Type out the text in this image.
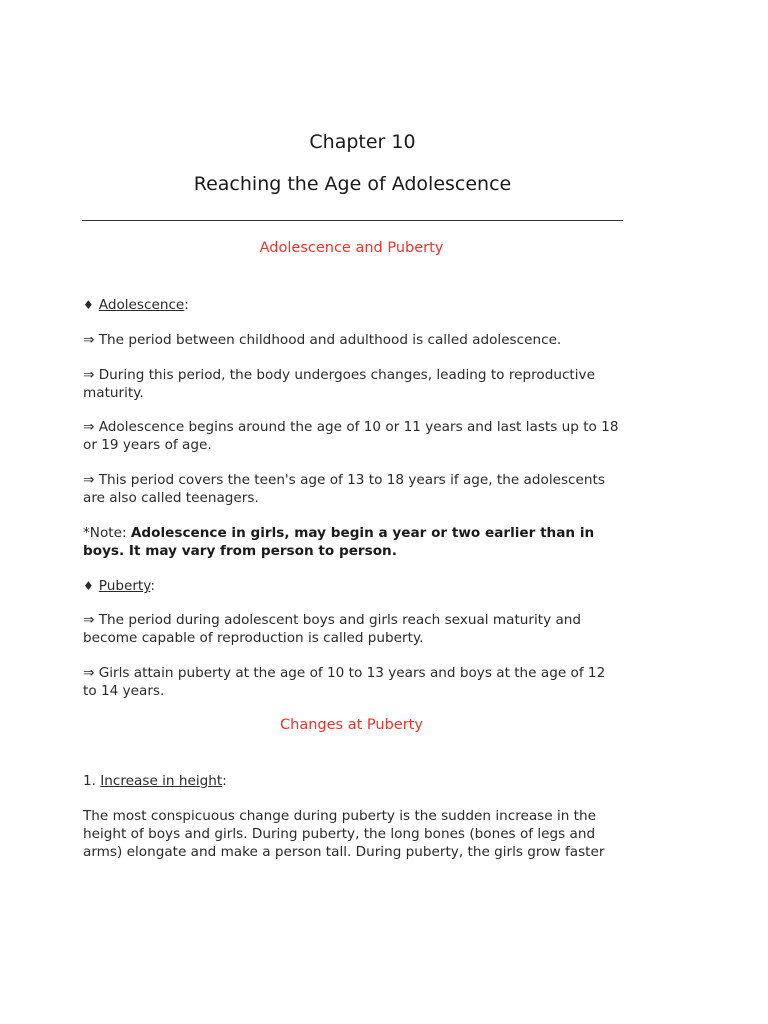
Chapter 10
Reaching the Age of Adolescence
Adolescence and Puberty
♦ Adolescence:
⇒ The period between childhood and adulthood is called adolescence.
⇒ During this period, the body undergoes changes, leading to reproductive maturity.
⇒ Adolescence begins around the age of 10 or 11 years and last lasts up to 18 or 19 years of age.
⇒ This period covers the teen's age of 13 to 18 years if age, the adolescents are also called teenagers.
*Note: Adolescence in girls, may begin a year or two earlier than in boys. It may vary from person to person.
♦ Puberty:
⇒ The period during adolescent boys and girls reach sexual maturity and become capable of reproduction is called puberty.
⇒ Girls attain puberty at the age of 10 to 13 years and boys at the age of 12 to 14 years.
Changes at Puberty
1. Increase in height:
The most conspicuous change during puberty is the sudden increase in the height of boys and girls. During puberty, the long bones (bones of legs and arms) elongate and make a person tall. During puberty, the girls grow faster
